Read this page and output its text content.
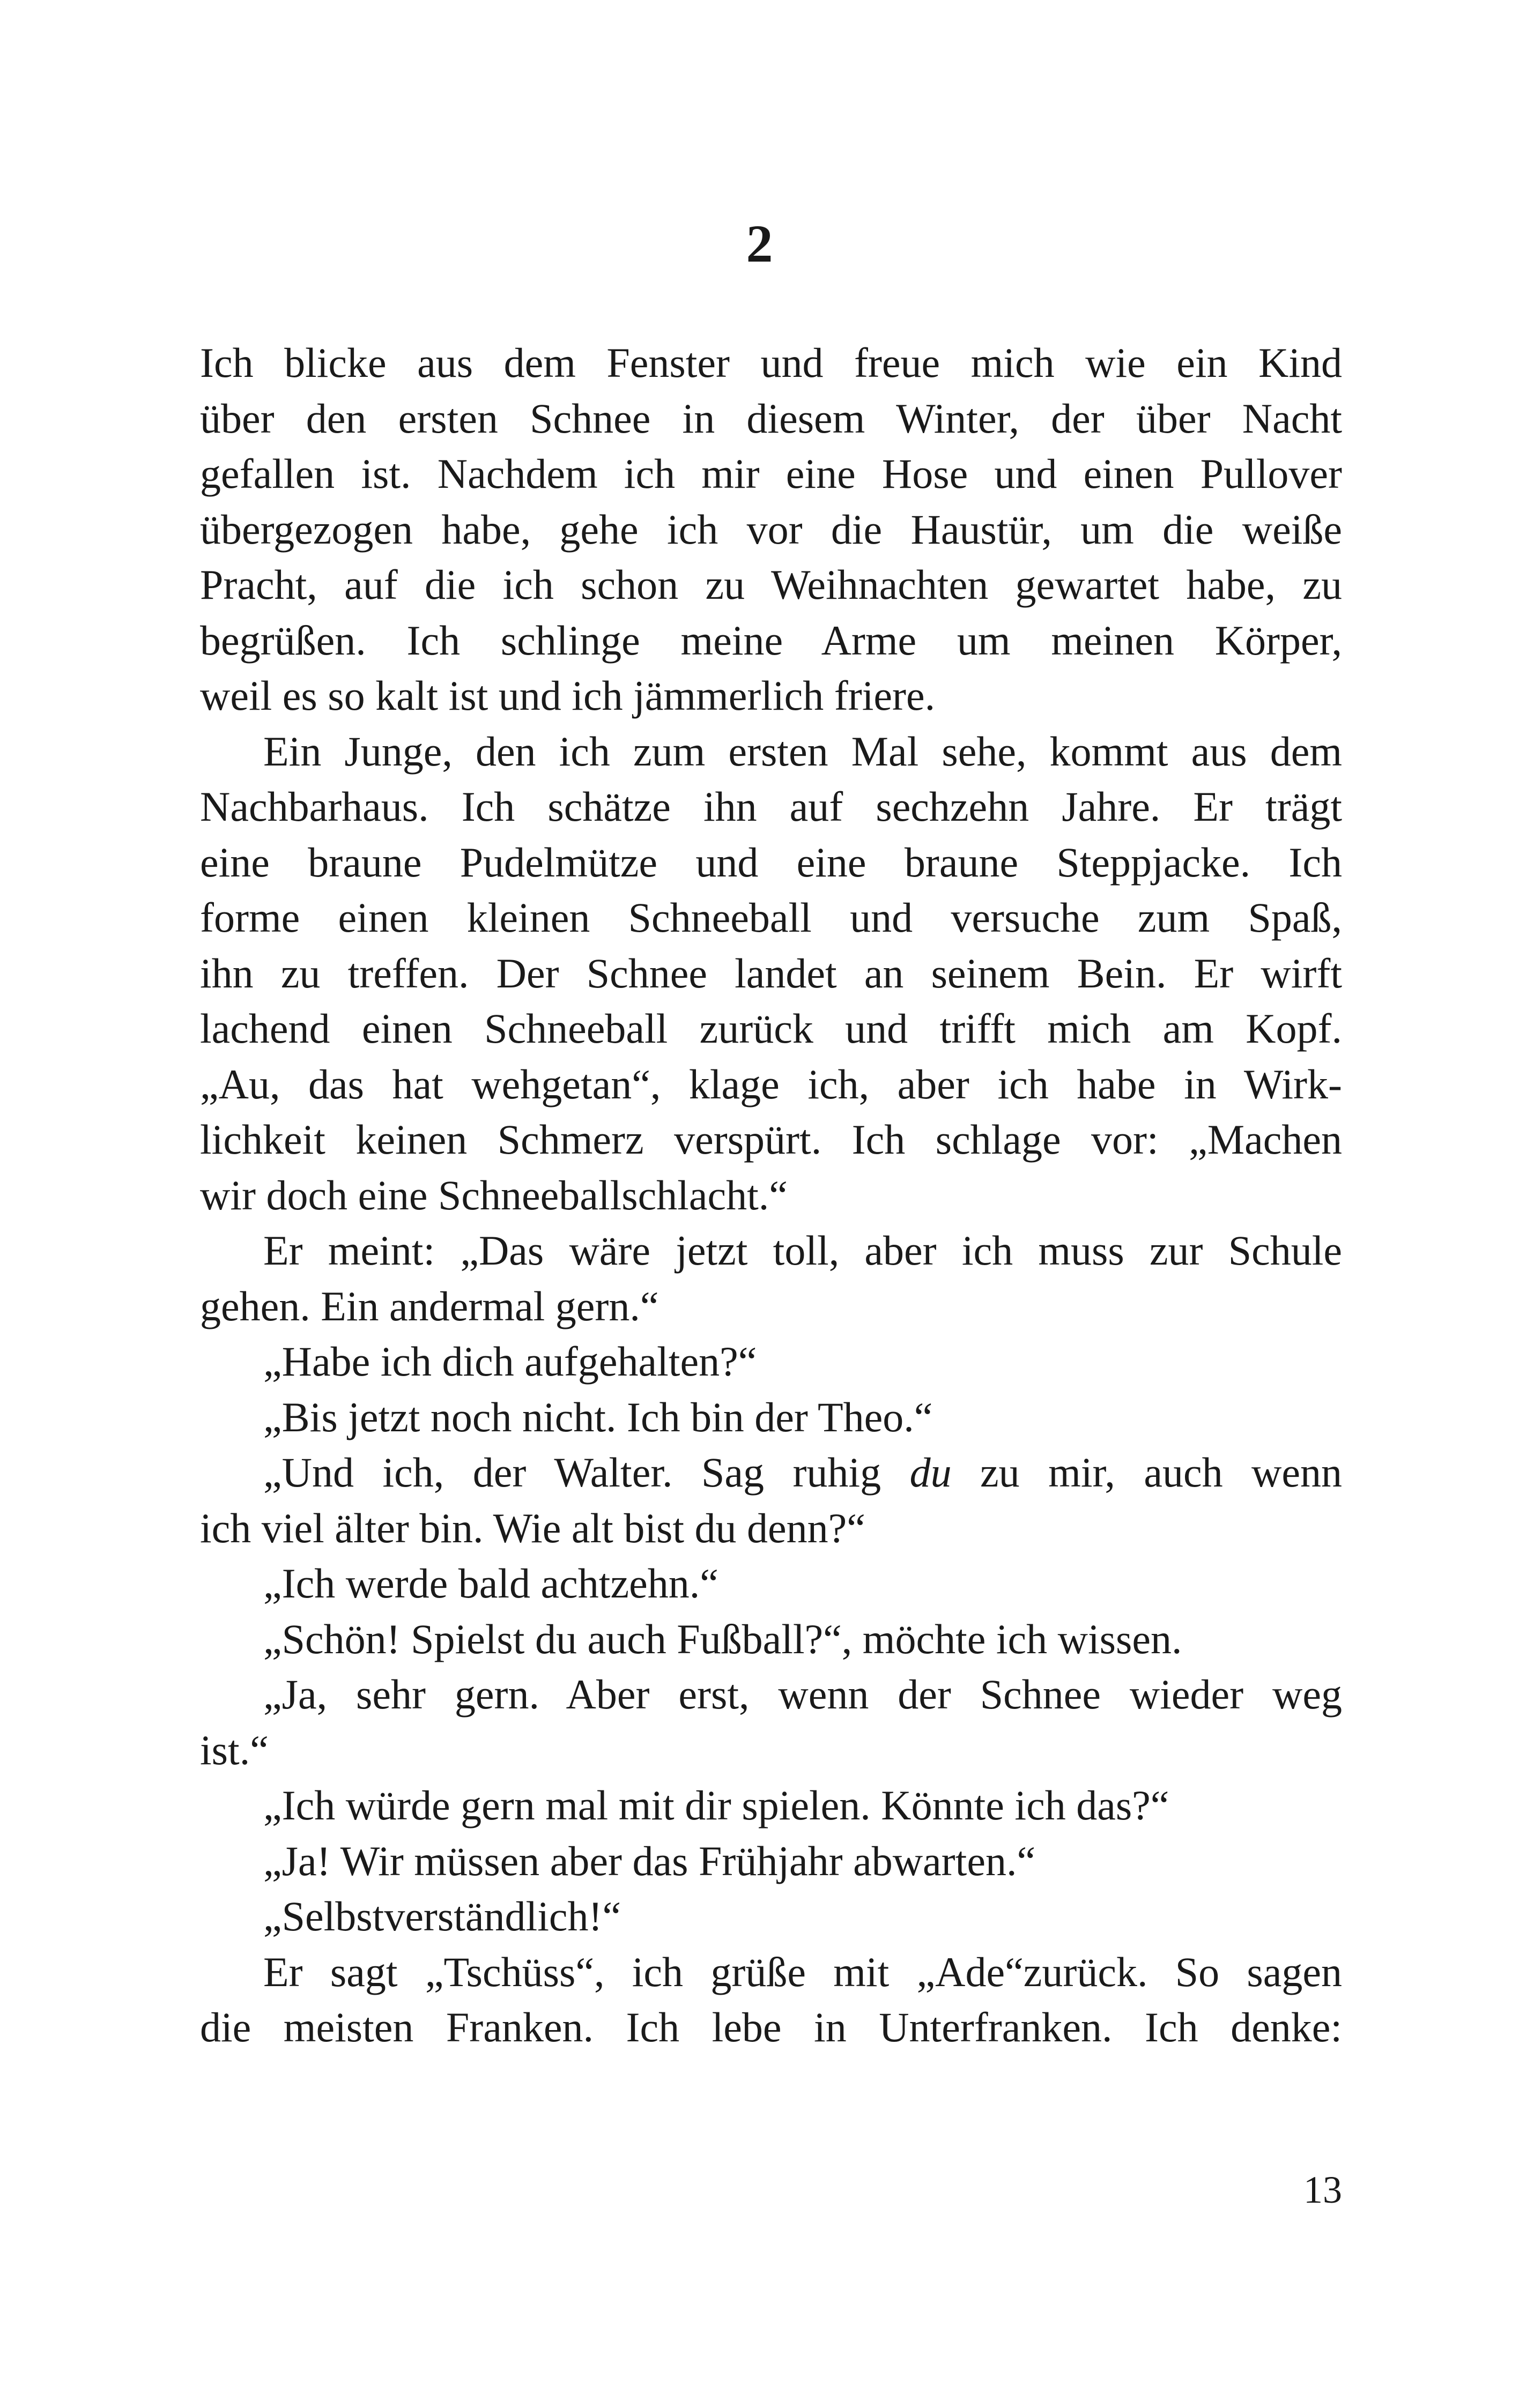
2
Ich blicke aus dem Fenster und freue mich wie ein Kind
über den ersten Schnee in diesem Winter, der über Nacht
gefallen ist. Nachdem ich mir eine Hose und einen Pullover
übergezogen habe, gehe ich vor die Haustür, um die weiße
Pracht, auf die ich schon zu Weihnachten gewartet habe, zu
begrüßen. Ich schlinge meine Arme um meinen Körper,
weil es so kalt ist und ich jämmerlich friere.
Ein Junge, den ich zum ersten Mal sehe, kommt aus dem
Nachbarhaus. Ich schätze ihn auf sechzehn Jahre. Er trägt
eine braune Pudelmütze und eine braune Steppjacke. Ich
forme einen kleinen Schneeball und versuche zum Spaß,
ihn zu treffen. Der Schnee landet an seinem Bein. Er wirft
lachend einen Schneeball zurück und trifft mich am Kopf.
„Au, das hat wehgetan“, klage ich, aber ich habe in Wirk-
lichkeit keinen Schmerz verspürt. Ich schlage vor: „Machen
wir doch eine Schneeballschlacht.“
Er meint: „Das wäre jetzt toll, aber ich muss zur Schule
gehen. Ein andermal gern.“
„Habe ich dich aufgehalten?“
„Bis jetzt noch nicht. Ich bin der Theo.“
„Und ich, der Walter. Sag ruhig du zu mir, auch wenn
ich viel älter bin. Wie alt bist du denn?“
„Ich werde bald achtzehn.“
„Schön! Spielst du auch Fußball?“, möchte ich wissen.
„Ja, sehr gern. Aber erst, wenn der Schnee wieder weg
ist.“
„Ich würde gern mal mit dir spielen. Könnte ich das?“
„Ja! Wir müssen aber das Frühjahr abwarten.“
„Selbstverständlich!“
Er sagt „Tschüss“, ich grüße mit „Ade“zurück. So sagen
die meisten Franken. Ich lebe in Unterfranken. Ich denke:
13
